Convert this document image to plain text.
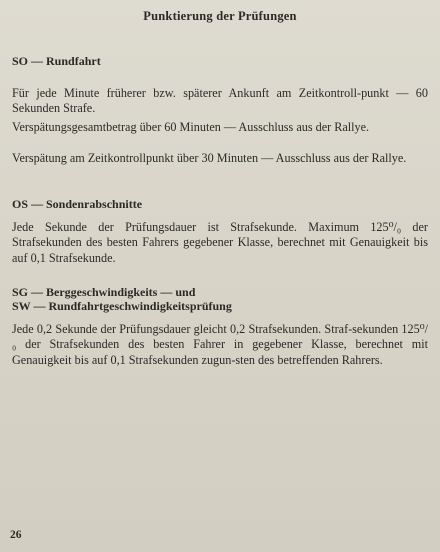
Punktierung der Prüfungen
SO — Rundfahrt
Für jede Minute früherer bzw. späterer Ankunft am Zeitkontroll-punkt — 60 Sekunden Strafe.
Verspätungsgesamtbetrag über 60 Minuten — Ausschluss aus der Rallye.
Verspätung am Zeitkontrollpunkt über 30 Minuten — Ausschluss aus der Rallye.
OS — Sondenrabschnitte
Jede Sekunde der Prüfungsdauer ist Strafsekunde. Maximum 125⁰/₀ der Strafsekunden des besten Fahrers gegebener Klasse, berechnet mit Genauigkeit bis auf 0,1 Strafsekunde.
SG — Berggeschwindigkeits — und
SW — Rundfahrtgeschwindigkeitsprüfung
Jede 0,2 Sekunde der Prüfungsdauer gleicht 0,2 Strafsekunden. Straf-sekunden 125⁰/₀ der Strafsekunden des besten Fahrer in gegebener Klasse, berechnet mit Genauigkeit bis auf 0,1 Strafsekunden zugun-sten des betreffenden Rahrers.
26
